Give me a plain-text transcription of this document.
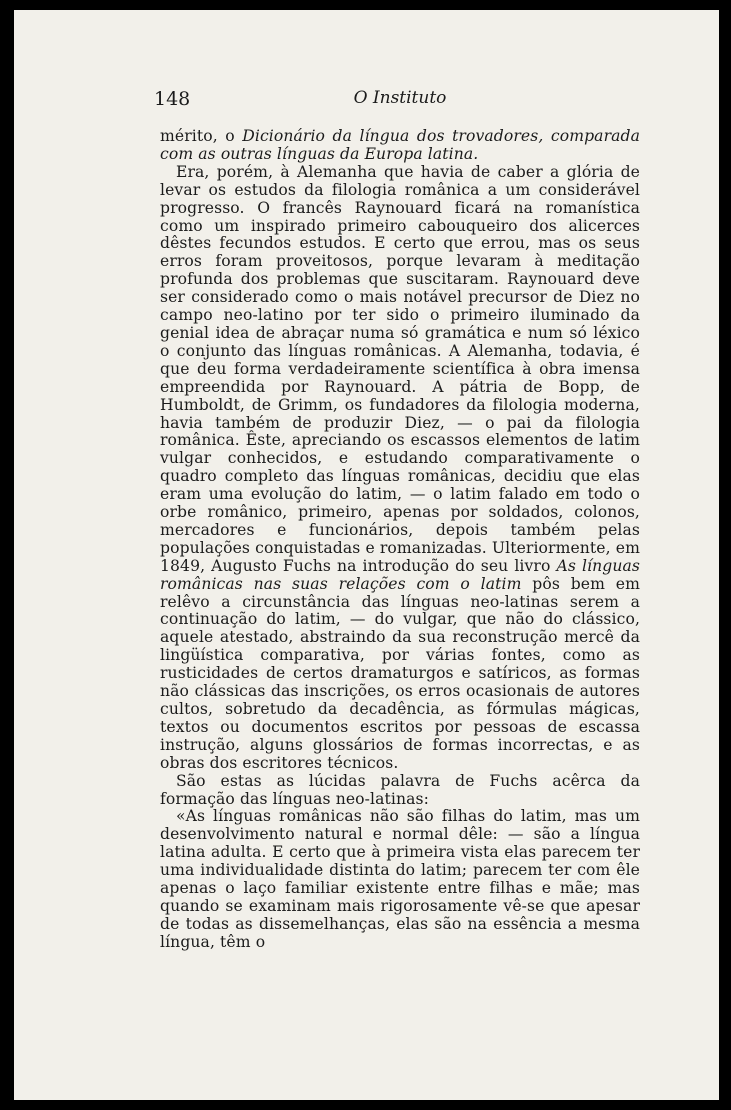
148	O Instituto

mérito, o Dicionário da língua dos trovadores, comparada com as outras línguas da Europa latina.

Era, porém, à Alemanha que havia de caber a glória de levar os estudos da filologia românica a um considerável progresso. O francês Raynouard ficará na romanística como um inspirado primeiro cabouqueiro dos alicerces dêstes fecundos estudos. E certo que errou, mas os seus erros foram proveitosos, porque levaram à meditação profunda dos problemas que suscitaram. Raynouard deve ser considerado como o mais notável precursor de Diez no campo neo-latino por ter sido o primeiro iluminado da genial idea de abraçar numa só gramática e num só léxico o conjunto das línguas românicas. A Alemanha, todavia, é que deu forma verdadeiramente scientífica à obra imensa empreendida por Raynouard. A pátria de Bopp, de Humboldt, de Grimm, os fundadores da filologia moderna, havia também de produzir Diez, — o pai da filologia românica. Êste, apreciando os escassos elementos de latim vulgar conhecidos, e estudando comparativamente o quadro completo das línguas românicas, decidiu que elas eram uma evolução do latim, — o latim falado em todo o orbe românico, primeiro, apenas por soldados, colonos, mercadores e funcionários, depois também pelas populações conquistadas e romanizadas. Ulteriormente, em 1849, Augusto Fuchs na introdução do seu livro As línguas românicas nas suas relações com o latim pôs bem em relêvo a circunstância das línguas neo-latinas serem a continuação do latim, — do vulgar, que não do clássico, aquele atestado, abstraindo da sua reconstrução mercê da lingüística comparativa, por várias fontes, como as rusticidades de certos dramaturgos e satíricos, as formas não clássicas das inscrições, os erros ocasionais de autores cultos, sobretudo da decadência, as fórmulas mágicas, textos ou documentos escritos por pessoas de escassa instrução, alguns glossários de formas incorrectas, e as obras dos escritores técnicos.

São estas as lúcidas palavra de Fuchs acêrca da formação das línguas neo-latinas:

«As línguas românicas não são filhas do latim, mas um desenvolvimento natural e normal dêle: — são a língua latina adulta. E certo que à primeira vista elas parecem ter uma individualidade distinta do latim; parecem ter com êle apenas o laço familiar existente entre filhas e mãe; mas quando se examinam mais rigorosamente vê-se que apesar de todas as dissemelhanças, elas são na essência a mesma língua, têm o
